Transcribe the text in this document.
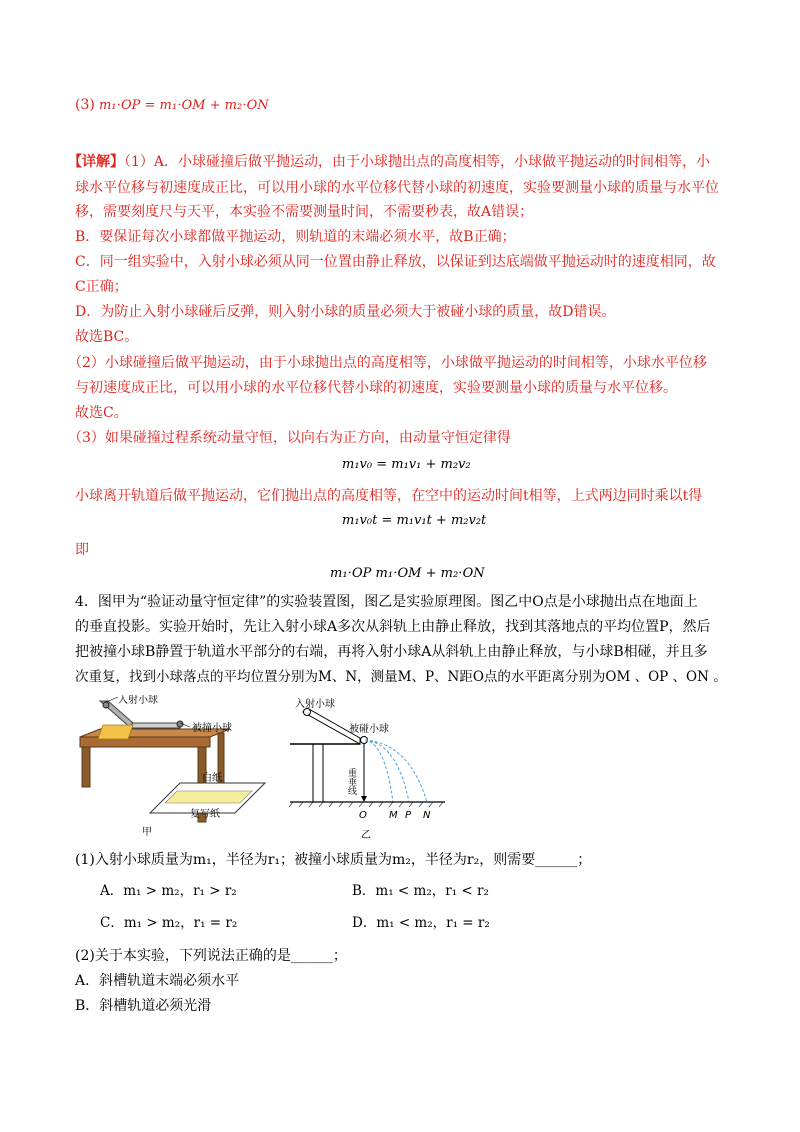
(3) m₁⋅OP = m₁⋅OM + m₂⋅ON
【详解】（1）A．小球碰撞后做平抛运动，由于小球抛出点的高度相等，小球做平抛运动的时间相等，小
球水平位移与初速度成正比，可以用小球的水平位移代替小球的初速度，实验要测量小球的质量与水平位
移，需要刻度尺与天平，本实验不需要测量时间，不需要秒表，故A错误；
B．要保证每次小球都做平抛运动，则轨道的末端必须水平，故B正确；
C．同一组实验中，入射小球必须从同一位置由静止释放，以保证到达底端做平抛运动时的速度相同，故
C正确；
D．为防止入射小球碰后反弹，则入射小球的质量必须大于被碰小球的质量，故D错误。
故选BC。
（2）小球碰撞后做平抛运动，由于小球抛出点的高度相等，小球做平抛运动的时间相等，小球水平位移
与初速度成正比，可以用小球的水平位移代替小球的初速度，实验要测量小球的质量与水平位移。
故选C。
（3）如果碰撞过程系统动量守恒，以向右为正方向，由动量守恒定律得
m₁v₀ = m₁v₁ + m₂v₂
小球离开轨道后做平抛运动，它们抛出点的高度相等，在空中的运动时间t相等，上式两边同时乘以t得
m₁v₀t = m₁v₁t + m₂v₂t
即
m₁⋅OP m₁⋅OM + m₂⋅ON
4．图甲为“验证动量守恒定律”的实验装置图，图乙是实验原理图。图乙中O点是小球抛出点在地面上
的垂直投影。实验开始时，先让入射小球A多次从斜轨上由静止释放，找到其落地点的平均位置P，然后
把被撞小球B静置于轨道水平部分的右端，再将入射小球A从斜轨上由静止释放，与小球B相碰，并且多
次重复，找到小球落点的平均位置分别为M、N，测量M、P、N距O点的水平距离分别为OM 、OP 、ON 。
入射小球
被撞小球
白纸
复写纸
甲
入射小球
被碰小球
重垂线
O M P N
乙
(1)入射小球质量为m₁，半径为r₁；被撞小球质量为m₂，半径为r₂，则需要______；
A．m₁ > m₂，r₁ > r₂	B．m₁ < m₂，r₁ < r₂
C．m₁ > m₂，r₁ = r₂	D．m₁ < m₂，r₁ = r₂
(2)关于本实验，下列说法正确的是______；
A．斜槽轨道末端必须水平
B．斜槽轨道必须光滑
